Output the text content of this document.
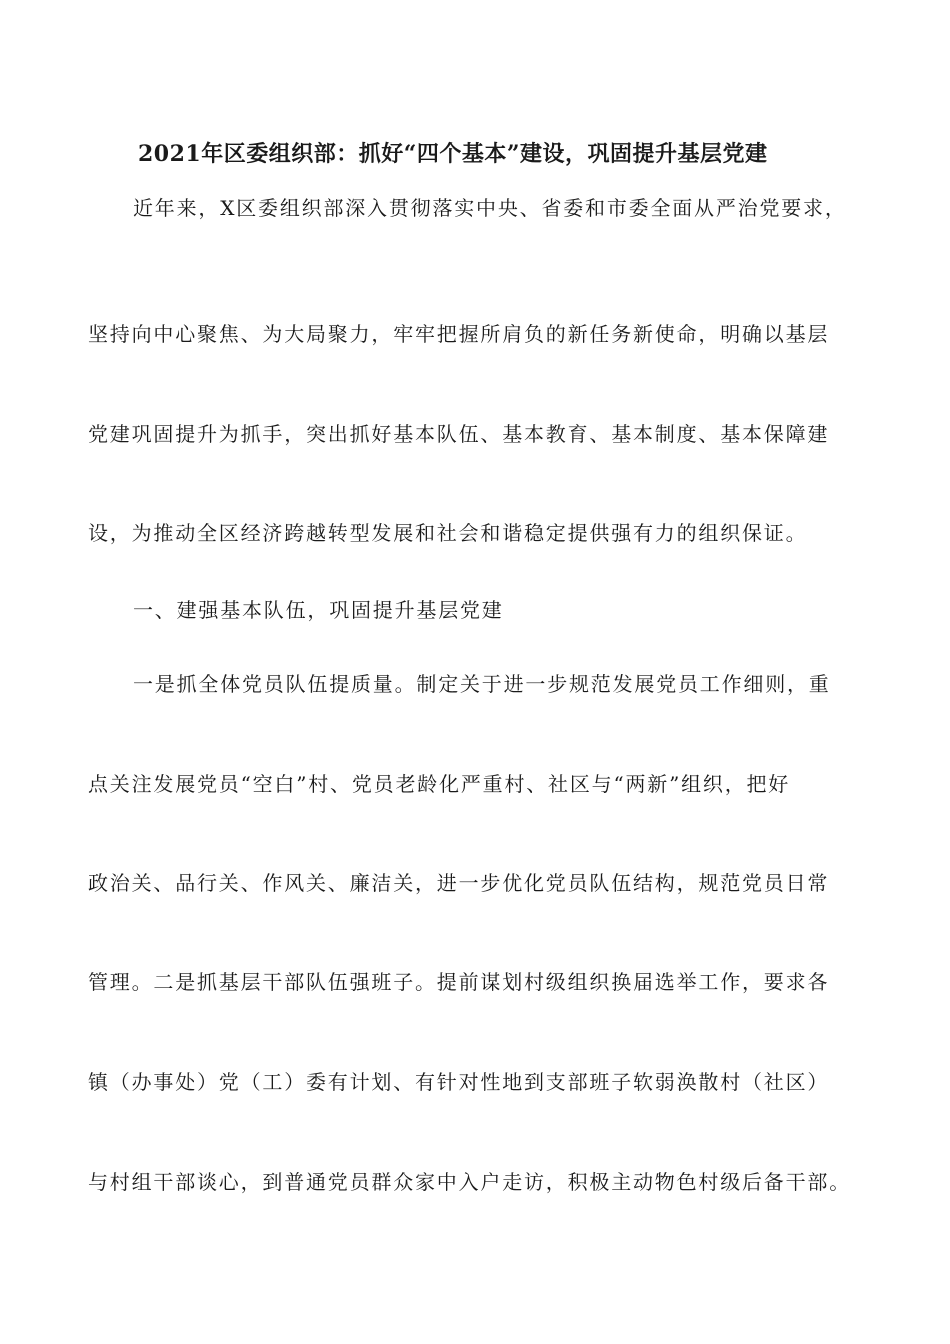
2021年区委组织部：抓好“四个基本”建设，巩固提升基层党建
近年来，X区委组织部深入贯彻落实中央、省委和市委全面从严治党要求，
坚持向中心聚焦、为大局聚力，牢牢把握所肩负的新任务新使命，明确以基层
党建巩固提升为抓手，突出抓好基本队伍、基本教育、基本制度、基本保障建
设，为推动全区经济跨越转型发展和社会和谐稳定提供强有力的组织保证。
一、建强基本队伍，巩固提升基层党建
一是抓全体党员队伍提质量。制定关于进一步规范发展党员工作细则，重
点关注发展党员“空白”村、党员老龄化严重村、社区与“两新”组织，把好
政治关、品行关、作风关、廉洁关，进一步优化党员队伍结构，规范党员日常
管理。二是抓基层干部队伍强班子。提前谋划村级组织换届选举工作，要求各
镇（办事处）党（工）委有计划、有针对性地到支部班子软弱涣散村（社区）
与村组干部谈心，到普通党员群众家中入户走访，积极主动物色村级后备干部。
